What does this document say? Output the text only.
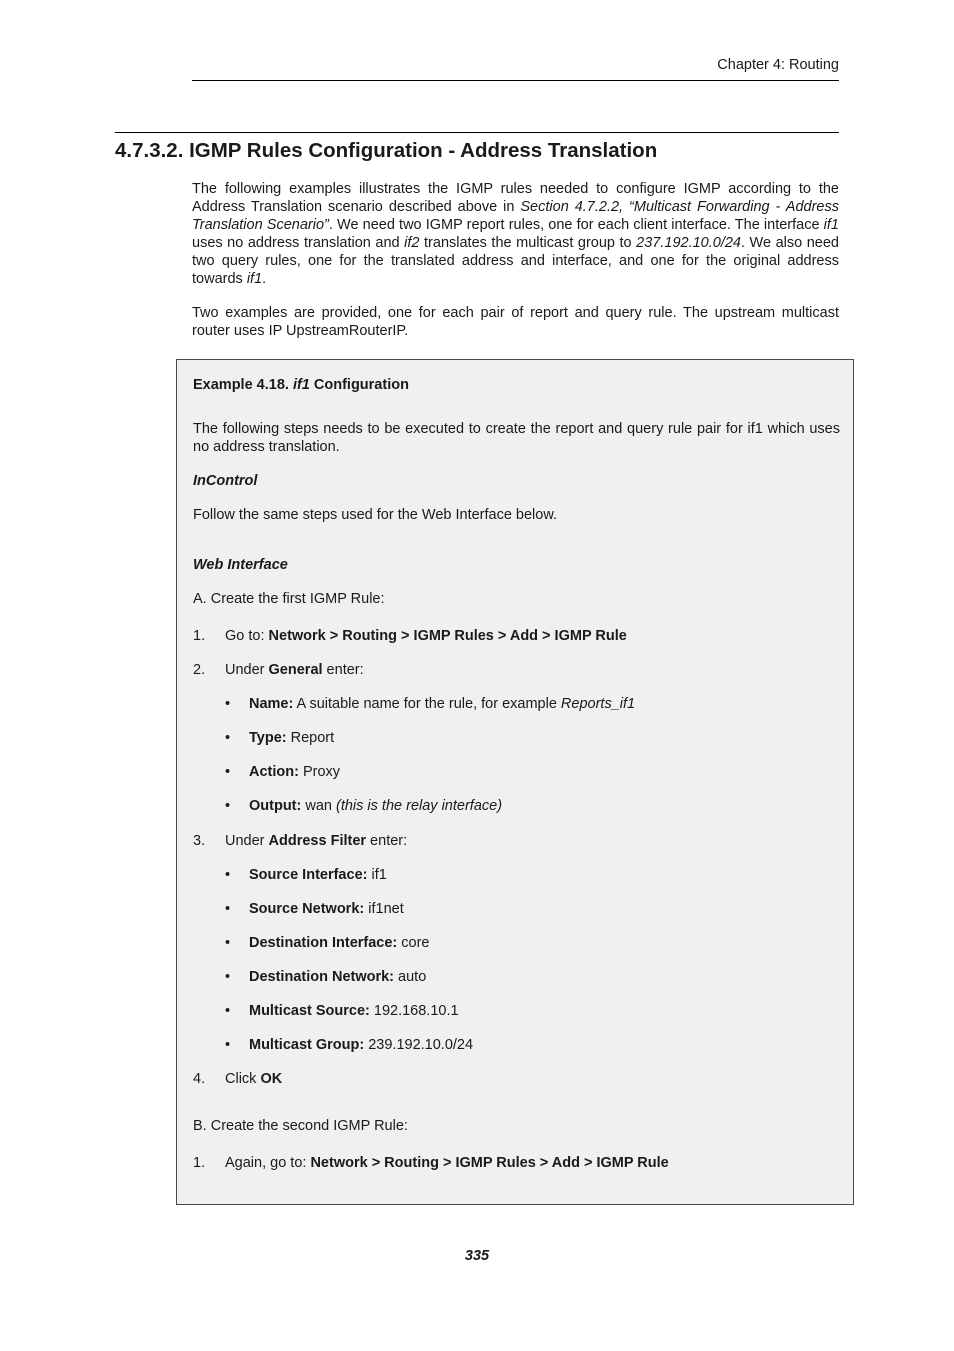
Chapter 4: Routing
4.7.3.2. IGMP Rules Configuration - Address Translation

The following examples illustrates the IGMP rules needed to configure IGMP according to the Address Translation scenario described above in Section 4.7.2.2, “Multicast Forwarding - Address Translation Scenario”. We need two IGMP report rules, one for each client interface. The interface if1 uses no address translation and if2 translates the multicast group to 237.192.10.0/24. We also need two query rules, one for the translated address and interface, and one for the original address towards if1.

Two examples are provided, one for each pair of report and query rule. The upstream multicast router uses IP UpstreamRouterIP.

Example 4.18. if1 Configuration

The following steps needs to be executed to create the report and query rule pair for if1 which uses no address translation.

InControl
Follow the same steps used for the Web Interface below.
Web Interface
A. Create the first IGMP Rule:
1.	Go to: Network > Routing > IGMP Rules > Add > IGMP Rule
2.	Under General enter:
•	Name: A suitable name for the rule, for example Reports_if1
•	Type: Report
•	Action: Proxy
•	Output: wan (this is the relay interface)
3.	Under Address Filter enter:
•	Source Interface: if1
•	Source Network: if1net
•	Destination Interface: core
•	Destination Network: auto
•	Multicast Source: 192.168.10.1
•	Multicast Group: 239.192.10.0/24
4.	Click OK
B. Create the second IGMP Rule:
1.	Again, go to: Network > Routing > IGMP Rules > Add > IGMP Rule
335
